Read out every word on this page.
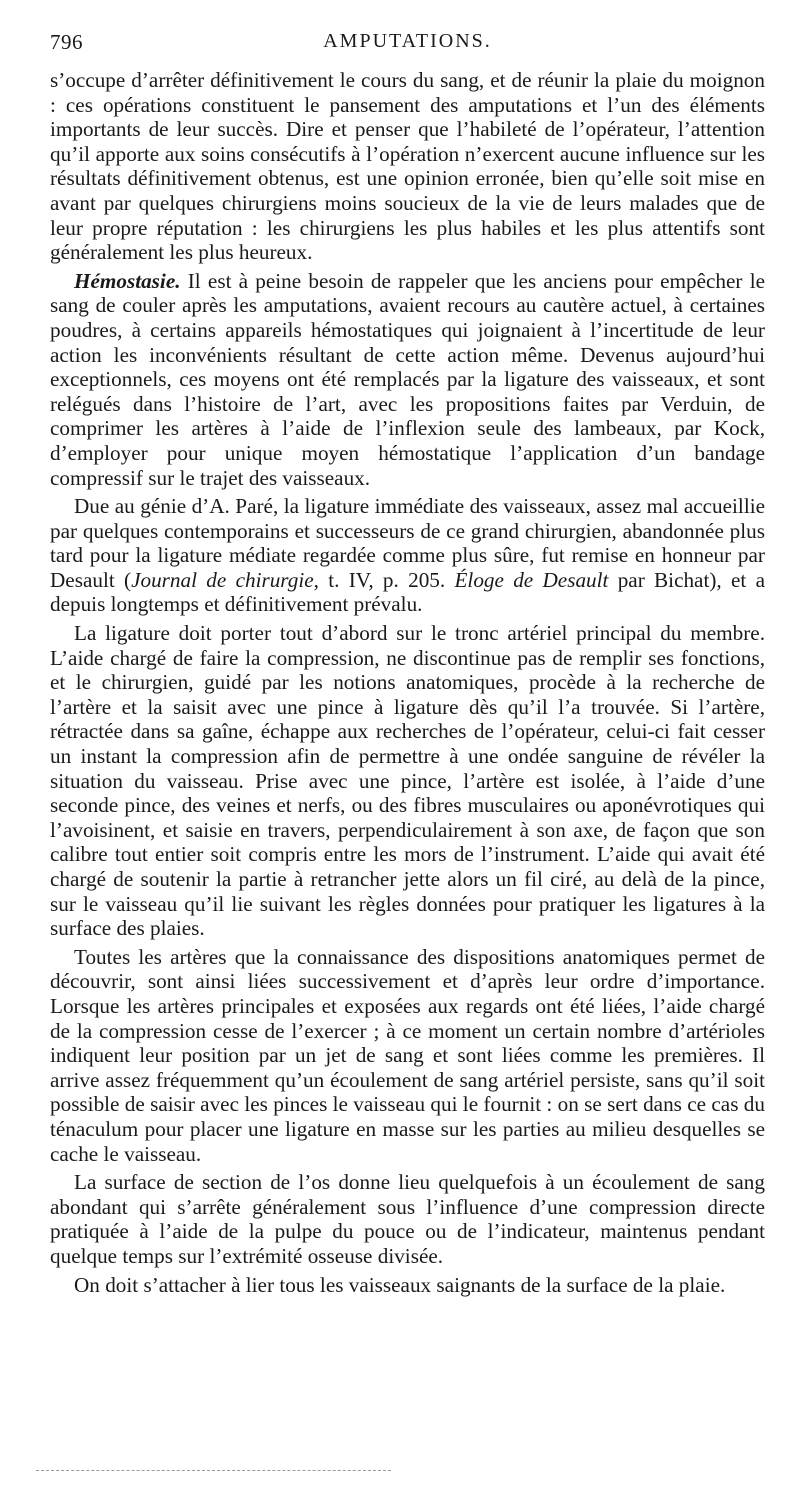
796	AMPUTATIONS.

s’occupe d’arrêter définitivement le cours du sang, et de réunir la plaie du moignon : ces opérations constituent le pansement des amputations et l’un des éléments importants de leur succès. Dire et penser que l’habileté de l’opérateur, l’attention qu’il apporte aux soins consécutifs à l’opération n’exercent aucune influence sur les résultats définitivement obtenus, est une opinion erronée, bien qu’elle soit mise en avant par quelques chirurgiens moins soucieux de la vie de leurs malades que de leur propre réputation : les chirurgiens les plus habiles et les plus attentifs sont généralement les plus heureux.

Hémostasie. Il est à peine besoin de rappeler que les anciens pour empêcher le sang de couler après les amputations, avaient recours au cautère actuel, à certaines poudres, à certains appareils hémostatiques qui joignaient à l’incertitude de leur action les inconvénients résultant de cette action même. Devenus aujourd’hui exceptionnels, ces moyens ont été remplacés par la ligature des vaisseaux, et sont relégués dans l’histoire de l’art, avec les propositions faites par Verduin, de comprimer les artères à l’aide de l’inflexion seule des lambeaux, par Kock, d’employer pour unique moyen hémostatique l’application d’un bandage compressif sur le trajet des vaisseaux.

Due au génie d’A. Paré, la ligature immédiate des vaisseaux, assez mal accueillie par quelques contemporains et successeurs de ce grand chirurgien, abandonnée plus tard pour la ligature médiate regardée comme plus sûre, fut remise en honneur par Desault (Journal de chirurgie, t. IV, p. 205. Éloge de Desault par Bichat), et a depuis longtemps et définitivement prévalu.

La ligature doit porter tout d’abord sur le tronc artériel principal du membre. L’aide chargé de faire la compression, ne discontinue pas de remplir ses fonctions, et le chirurgien, guidé par les notions anatomiques, procède à la recherche de l’artère et la saisit avec une pince à ligature dès qu’il l’a trouvée. Si l’artère, rétractée dans sa gaîne, échappe aux recherches de l’opérateur, celui-ci fait cesser un instant la compression afin de permettre à une ondée sanguine de révéler la situation du vaisseau. Prise avec une pince, l’artère est isolée, à l’aide d’une seconde pince, des veines et nerfs, ou des fibres musculaires ou aponévrotiques qui l’avoisinent, et saisie en travers, perpendiculairement à son axe, de façon que son calibre tout entier soit compris entre les mors de l’instrument. L’aide qui avait été chargé de soutenir la partie à retrancher jette alors un fil ciré, au delà de la pince, sur le vaisseau qu’il lie suivant les règles données pour pratiquer les ligatures à la surface des plaies.

Toutes les artères que la connaissance des dispositions anatomiques permet de découvrir, sont ainsi liées successivement et d’après leur ordre d’importance. Lorsque les artères principales et exposées aux regards ont été liées, l’aide chargé de la compression cesse de l’exercer ; à ce moment un certain nombre d’artérioles indiquent leur position par un jet de sang et sont liées comme les premières. Il arrive assez fréquemment qu’un écoulement de sang artériel persiste, sans qu’il soit possible de saisir avec les pinces le vaisseau qui le fournit : on se sert dans ce cas du ténaculum pour placer une ligature en masse sur les parties au milieu desquelles se cache le vaisseau.

La surface de section de l’os donne lieu quelquefois à un écoulement de sang abondant qui s’arrête généralement sous l’influence d’une compression directe pratiquée à l’aide de la pulpe du pouce ou de l’indicateur, maintenus pendant quelque temps sur l’extrémité osseuse divisée.

On doit s’attacher à lier tous les vaisseaux saignants de la surface de la plaie.
